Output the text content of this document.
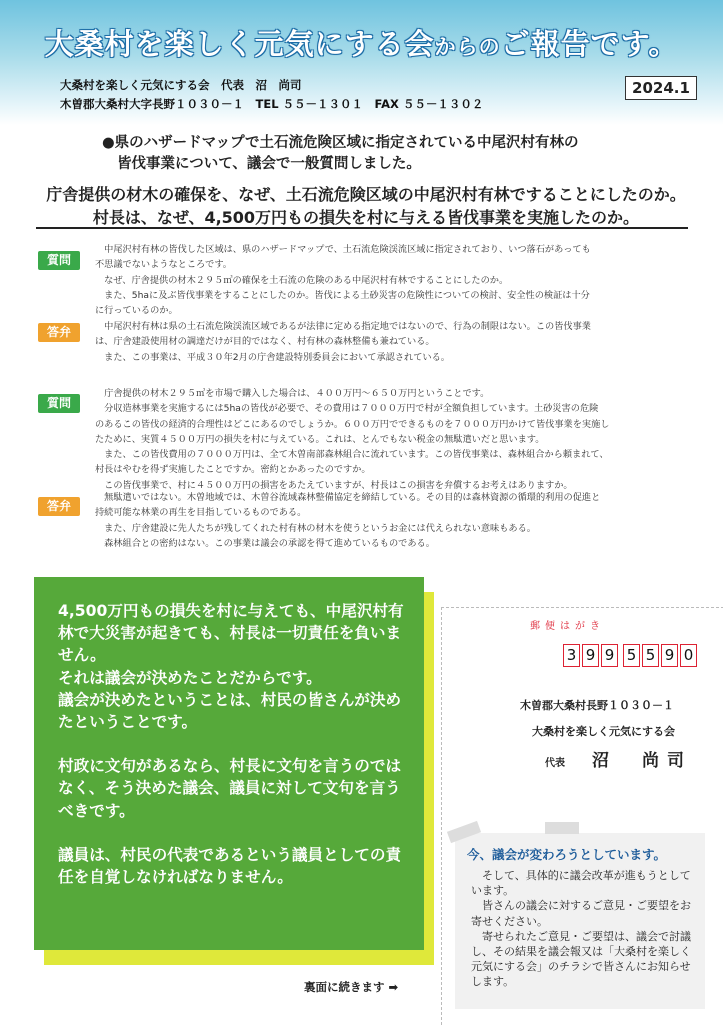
大桑村を楽しく元気にする会からのご報告です。
大桑村を楽しく元気にする会　代表　沼　尚司
木曽郡大桑村大字長野１０３０－１　TEL ５５－１３０１　FAX ５５－１３０２
2024.1
●県のハザードマップで土石流危険区域に指定されている中尾沢村有林の
皆伐事業について、議会で一般質問しました。
庁舎提供の材木の確保を、なぜ、土石流危険区域の中尾沢村有林ですることにしたのか。
村長は、なぜ、4,500万円もの損失を村に与える皆伐事業を実施したのか。
質問

　中尾沢村有林の皆伐した区域は、県のハザードマップで、土石流危険渓流区域に指定されており、いつ落石があっても

不思議でないようなところです。

　なぜ、庁舎提供の材木２９５㎥の確保を土石流の危険のある中尾沢村有林ですることにしたのか。

　また、5haに及ぶ皆伐事業をすることにしたのか。皆伐による土砂災害の危険性についての検討、安全性の検証は十分

に行っているのか。

答弁	　中尾沢村有林は県の土石流危険渓流区域であるが法律に定める指定地ではないので、行為の制限はない。この皆伐事業

は、庁舎建設使用材の調達だけが目的ではなく、村有林の森林整備も兼ねている。

　また、この事業は、平成３０年2月の庁舎建設特別委員会において承認されている。

質問

　庁舎提供の材木２９５㎥を市場で購入した場合は、４００万円～６５０万円ということです。

　分収造林事業を実施するには5haの皆伐が必要で、その費用は７０００万円で村が全額負担しています。土砂災害の危険

のあるこの皆伐の経済的合理性はどこにあるのでしょうか。６００万円でできるものを７０００万円かけて皆伐事業を実施し

たために、実質４５００万円の損失を村に与えている。これは、とんでもない税金の無駄遣いだと思います。

　また、この皆伐費用の７０００万円は、全て木曽南部森林組合に流れています。この皆伐事業は、森林組合から頼まれて、

村長はやむを得ず実施したことですか。密約とかあったのですか。

　この皆伐事業で、村に４５００万円の損害をあたえていますが、村長はこの損害を弁償するお考えはありますか。

答弁

　無駄遣いではない。木曽地域では、木曽谷流域森林整備協定を締結している。その目的は森林資源の循環的利用の促進と

持続可能な林業の再生を目指しているものである。

　また、庁舎建設に先人たちが残してくれた村有林の材木を使うというお金には代えられない意味もある。

　森林組合との密約はない。この事業は議会の承認を得て進めているものである。

4,500万円もの損失を村に与えても、中尾沢村有林で大災害が起きても、村長は一切責任を負いません。

それは議会が決めたことだからです。

議会が決めたということは、村民の皆さんが決めたということです。

村政に文句があるなら、村長に文句を言うのではなく、そう決めた議会、議員に対して文句を言うべきです。

議員は、村民の代表であるという議員としての責任を自覚しなければなりません。

裏面に続きます ➡
郵便はがき
3 9 9 5 5 9 0
木曽郡大桑村長野１０３０－１
大桑村を楽しく元気にする会
代表 沼　尚司
今、議会が変わろうとしています。

　そして、具体的に議会改革が進もうとしています。

　皆さんの議会に対するご意見・ご要望をお寄せください。

　寄せられたご意見・ご要望は、議会で討議し、その結果を議会報又は「大桑村を楽しく元気にする会」のチラシで皆さんにお知らせします。
